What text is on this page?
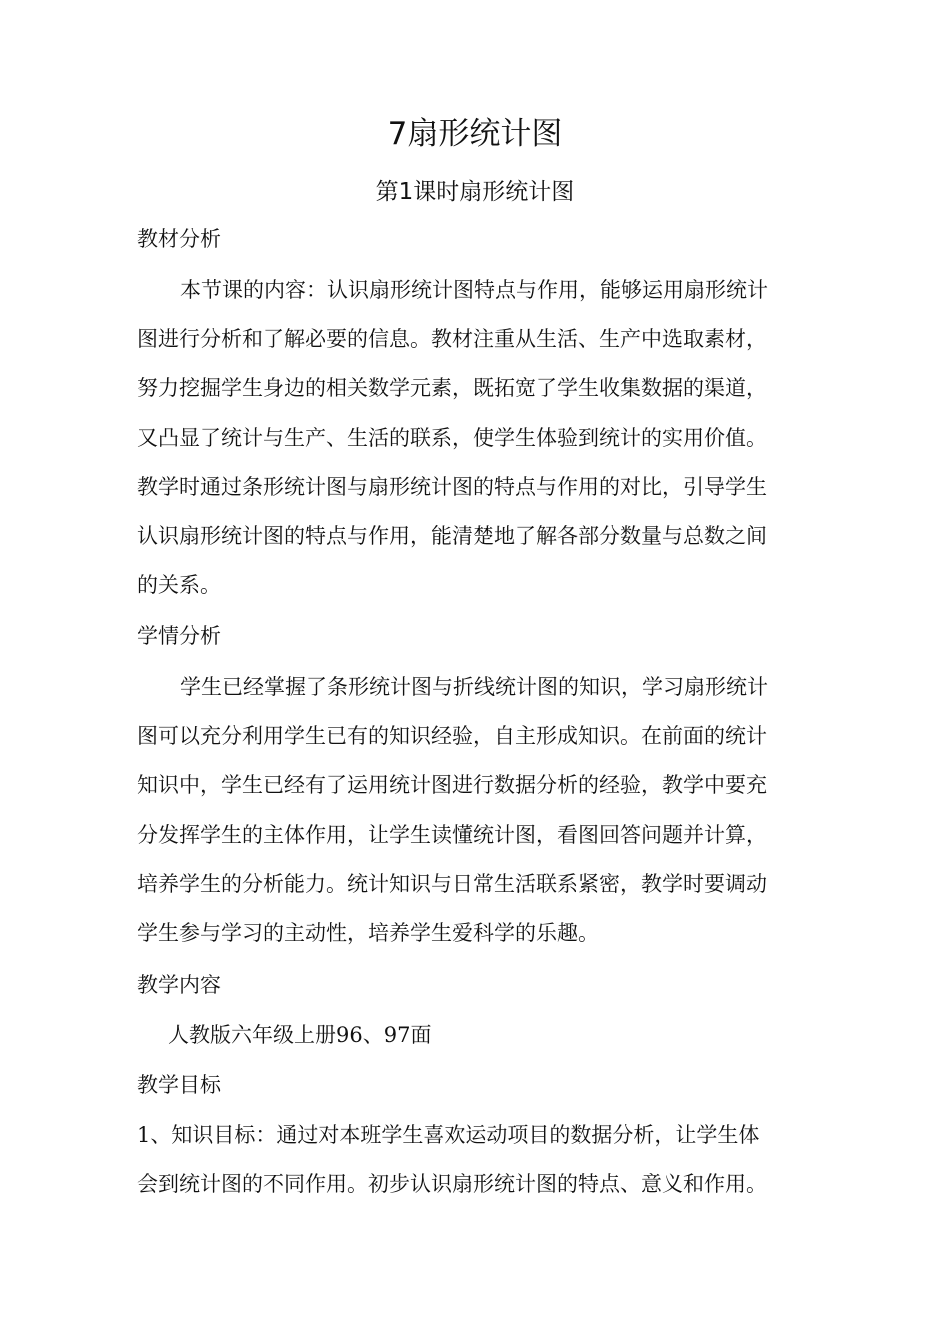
7扇形统计图
第1课时扇形统计图
教材分析
本节课的内容：认识扇形统计图特点与作用，能够运用扇形统计
图进行分析和了解必要的信息。教材注重从生活、生产中选取素材，
努力挖掘学生身边的相关数学元素，既拓宽了学生收集数据的渠道，
又凸显了统计与生产、生活的联系，使学生体验到统计的实用价值。
教学时通过条形统计图与扇形统计图的特点与作用的对比，引导学生
认识扇形统计图的特点与作用，能清楚地了解各部分数量与总数之间
的关系。
学情分析
学生已经掌握了条形统计图与折线统计图的知识，学习扇形统计
图可以充分利用学生已有的知识经验，自主形成知识。在前面的统计
知识中，学生已经有了运用统计图进行数据分析的经验，教学中要充
分发挥学生的主体作用，让学生读懂统计图，看图回答问题并计算，
培养学生的分析能力。统计知识与日常生活联系紧密，教学时要调动
学生参与学习的主动性，培养学生爱科学的乐趣。
教学内容
人教版六年级上册96、97面
教学目标
1、知识目标：通过对本班学生喜欢运动项目的数据分析，让学生体
会到统计图的不同作用。初步认识扇形统计图的特点、意义和作用。
